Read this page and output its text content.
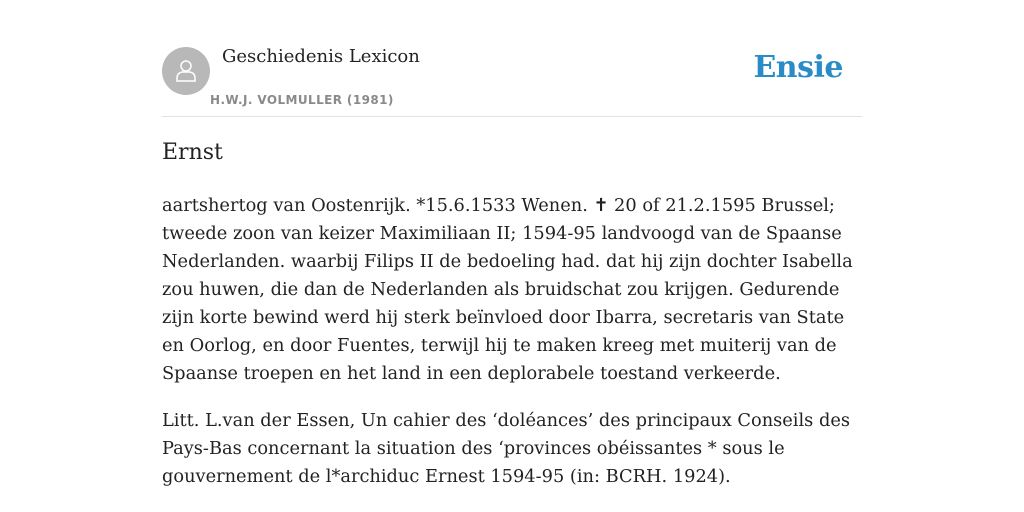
Geschiedenis Lexicon
H.W.J. VOLMULLER (1981)
Ensie
Ernst

aartshertog van Oostenrijk. *15.6.1533 Wenen. ✝ 20 of 21.2.1595 Brussel; tweede zoon van keizer Maximiliaan II; 1594-95 landvoogd van de Spaanse Nederlanden. waarbij Filips II de bedoeling had. dat hij zijn dochter Isabella zou huwen, die dan de Nederlanden als bruidschat zou krijgen. Gedurende zijn korte bewind werd hij sterk beïnvloed door Ibarra, secretaris van State en Oorlog, en door Fuentes, terwijl hij te maken kreeg met muiterij van de Spaanse troepen en het land in een deplorabele toestand verkeerde.

Litt. L.van der Essen, Un cahier des ‘doléances’ des principaux Conseils des Pays-Bas concernant la situation des ‘provinces obéissantes * sous le gouvernement de l*archiduc Ernest 1594-95 (in: BCRH. 1924).
